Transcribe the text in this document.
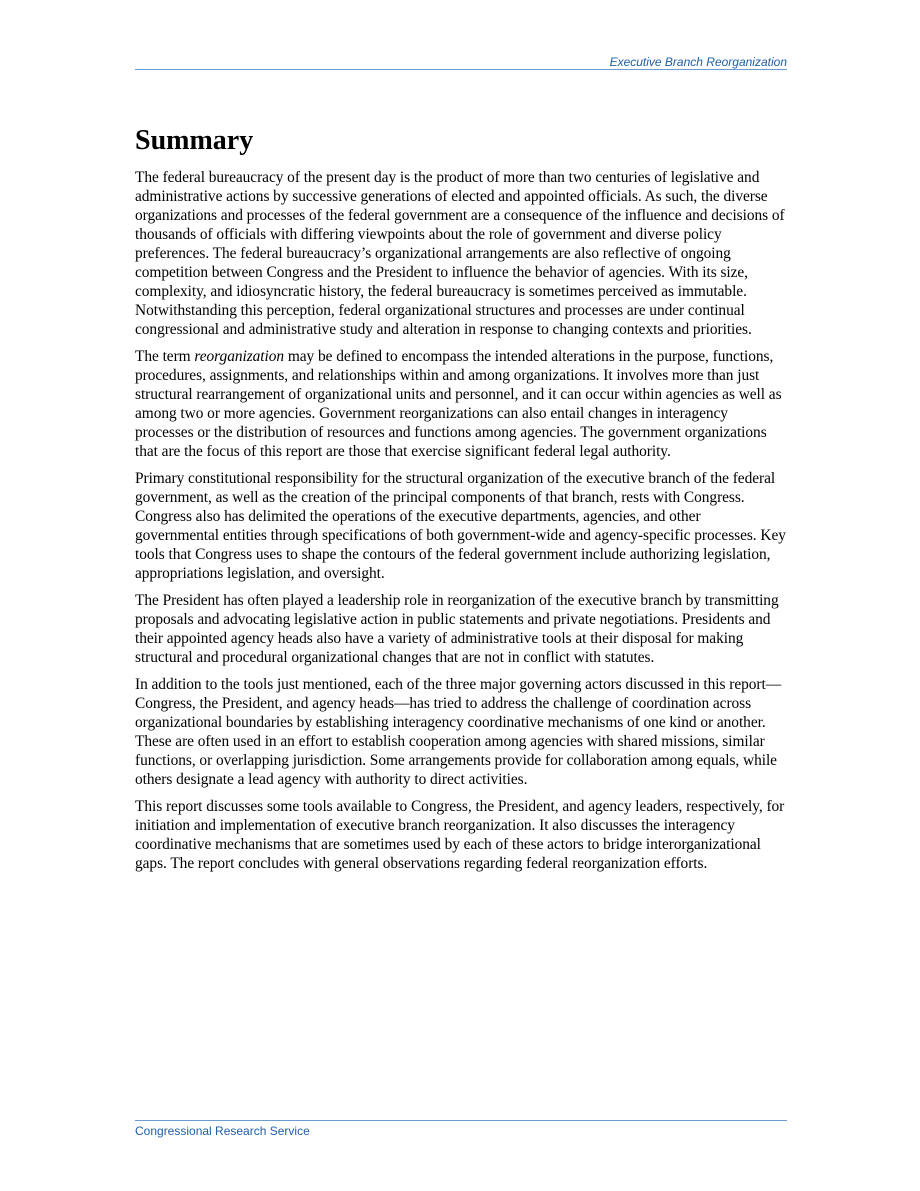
Executive Branch Reorganization
Summary

The federal bureaucracy of the present day is the product of more than two centuries of legislative and administrative actions by successive generations of elected and appointed officials. As such, the diverse organizations and processes of the federal government are a consequence of the influence and decisions of thousands of officials with differing viewpoints about the role of government and diverse policy preferences. The federal bureaucracy’s organizational arrangements are also reflective of ongoing competition between Congress and the President to influence the behavior of agencies. With its size, complexity, and idiosyncratic history, the federal bureaucracy is sometimes perceived as immutable. Notwithstanding this perception, federal organizational structures and processes are under continual congressional and administrative study and alteration in response to changing contexts and priorities.

The term reorganization may be defined to encompass the intended alterations in the purpose, functions, procedures, assignments, and relationships within and among organizations. It involves more than just structural rearrangement of organizational units and personnel, and it can occur within agencies as well as among two or more agencies. Government reorganizations can also entail changes in interagency processes or the distribution of resources and functions among agencies. The government organizations that are the focus of this report are those that exercise significant federal legal authority.

Primary constitutional responsibility for the structural organization of the executive branch of the federal government, as well as the creation of the principal components of that branch, rests with Congress. Congress also has delimited the operations of the executive departments, agencies, and other governmental entities through specifications of both government-wide and agency-specific processes. Key tools that Congress uses to shape the contours of the federal government include authorizing legislation, appropriations legislation, and oversight.

The President has often played a leadership role in reorganization of the executive branch by transmitting proposals and advocating legislative action in public statements and private negotiations. Presidents and their appointed agency heads also have a variety of administrative tools at their disposal for making structural and procedural organizational changes that are not in conflict with statutes.

In addition to the tools just mentioned, each of the three major governing actors discussed in this report—Congress, the President, and agency heads—has tried to address the challenge of coordination across organizational boundaries by establishing interagency coordinative mechanisms of one kind or another. These are often used in an effort to establish cooperation among agencies with shared missions, similar functions, or overlapping jurisdiction. Some arrangements provide for collaboration among equals, while others designate a lead agency with authority to direct activities.

This report discusses some tools available to Congress, the President, and agency leaders, respectively, for initiation and implementation of executive branch reorganization. It also discusses the interagency coordinative mechanisms that are sometimes used by each of these actors to bridge interorganizational gaps. The report concludes with general observations regarding federal reorganization efforts.

Congressional Research Service
